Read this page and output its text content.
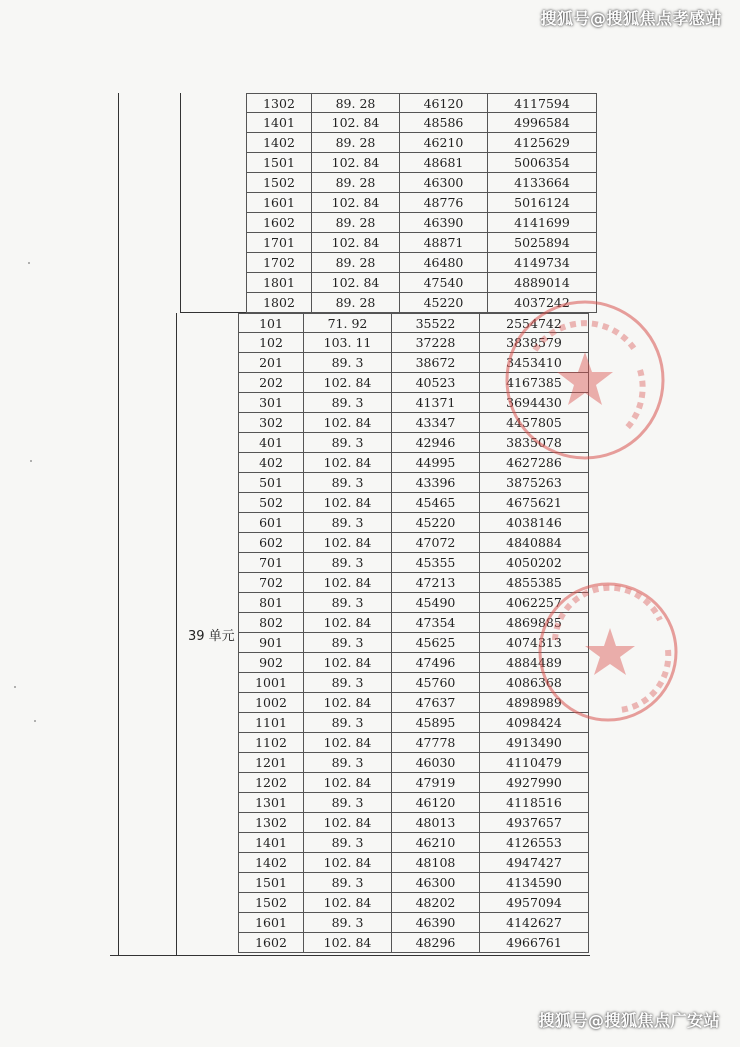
搜狐号@搜狐焦点孝感站
1302	89. 28	46120	4117594
1401	102. 84	48586	4996584
1402	89. 28	46210	4125629
1501	102. 84	48681	5006354
1502	89. 28	46300	4133664
1601	102. 84	48776	5016124
1602	89. 28	46390	4141699
1701	102. 84	48871	5025894
1702	89. 28	46480	4149734
1801	102. 84	47540	4889014
1802	89. 28	45220	4037242
101	71. 92	35522	2554742
102	103. 11	37228	3838579
201	89. 3	38672	3453410
202	102. 84	40523	4167385
301	89. 3	41371	3694430
302	102. 84	43347	4457805
401	89. 3	42946	3835078
402	102. 84	44995	4627286
501	89. 3	43396	3875263
502	102. 84	45465	4675621
601	89. 3	45220	4038146
602	102. 84	47072	4840884
701	89. 3	45355	4050202
702	102. 84	47213	4855385
801	89. 3	45490	4062257
802	102. 84	47354	4869885
901	89. 3	45625	4074313
902	102. 84	47496	4884489
1001	89. 3	45760	4086368
1002	102. 84	47637	4898989
1101	89. 3	45895	4098424
1102	102. 84	47778	4913490
1201	89. 3	46030	4110479
1202	102. 84	47919	4927990
1301	89. 3	46120	4118516
1302	102. 84	48013	4937657
1401	89. 3	46210	4126553
1402	102. 84	48108	4947427
1501	89. 3	46300	4134590
1502	102. 84	48202	4957094
1601	89. 3	46390	4142627
1602	102. 84	48296	4966761
39 单元
搜狐号@搜狐焦点广安站
